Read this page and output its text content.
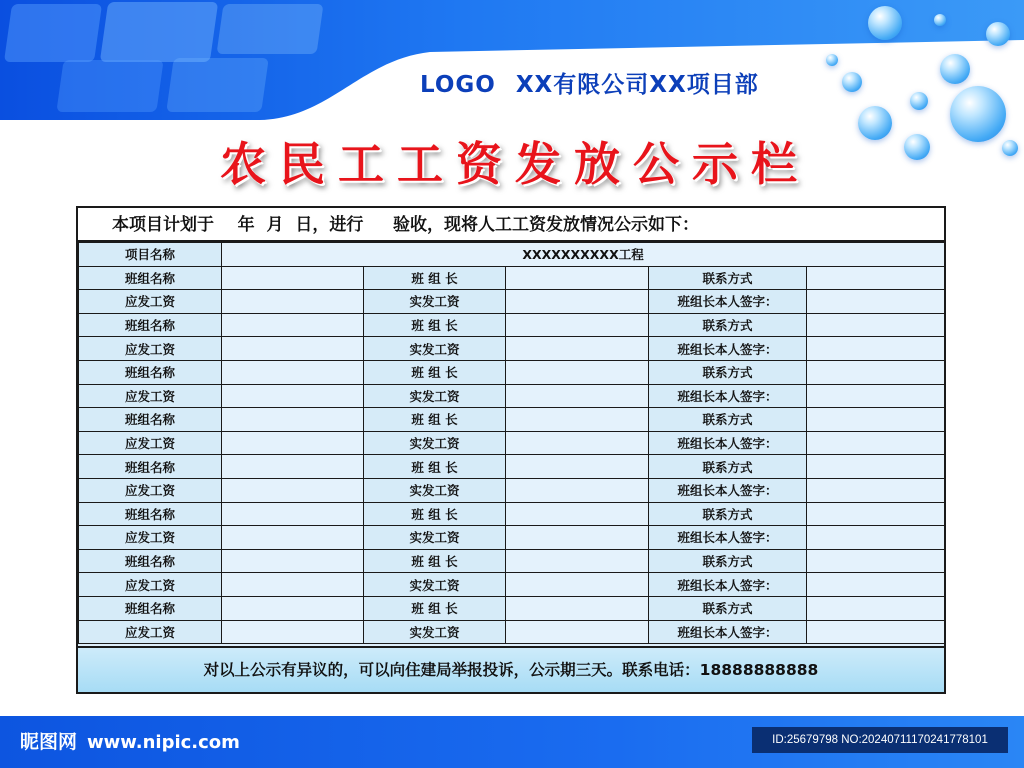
LOGO XX有限公司XX项目部
农民工工资发放公示栏
本项目计划于    年  月  日，进行     验收，现将人工工资发放情况公示如下：
项目名称	XXXXXXXXXX工程				
班组名称		班 组 长		联系方式	
应发工资		实发工资		班组长本人签字：	
班组名称		班 组 长		联系方式	
应发工资		实发工资		班组长本人签字：	
班组名称		班 组 长		联系方式	
应发工资		实发工资		班组长本人签字：	
班组名称		班 组 长		联系方式	
应发工资		实发工资		班组长本人签字：	
班组名称		班 组 长		联系方式	
应发工资		实发工资		班组长本人签字：	
班组名称		班 组 长		联系方式	
应发工资		实发工资		班组长本人签字：	
班组名称		班 组 长		联系方式	
应发工资		实发工资		班组长本人签字：	
班组名称		班 组 长		联系方式	
应发工资		实发工资		班组长本人签字：	
对以上公示有异议的，可以向住建局举报投诉，公示期三天。联系电话：18888888888
昵图网 www.nipic.com	ID:25679798 NO:20240711170241778101
